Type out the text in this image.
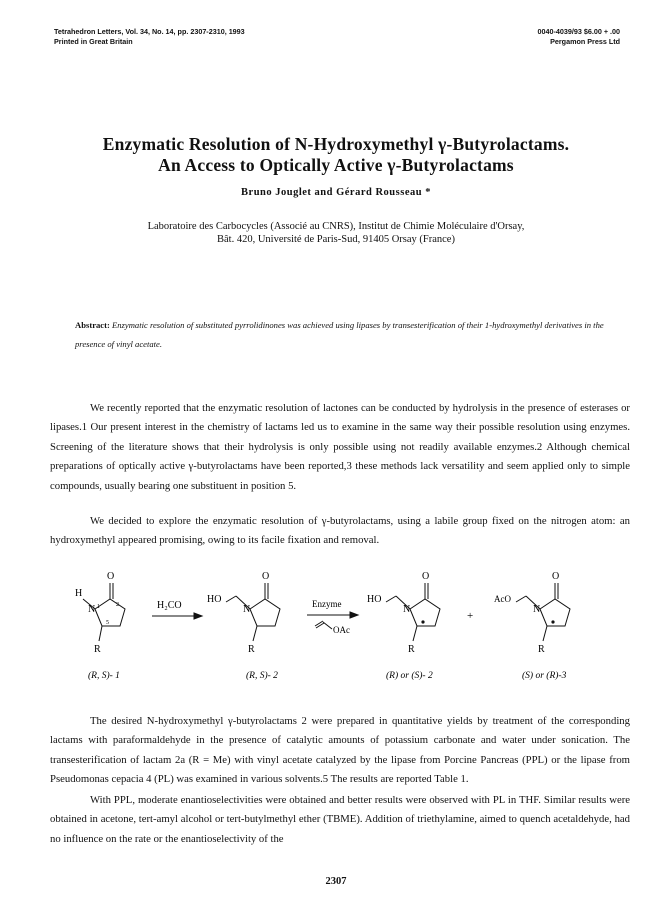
Tetrahedron Letters, Vol. 34, No. 14, pp. 2307-2310, 1993
Printed in Great Britain
0040-4039/93 $6.00 + .00
Pergamon Press Ltd
Enzymatic Resolution of N-Hydroxymethyl γ-Butyrolactams.
An Access to Optically Active γ-Butyrolactams
Bruno Jouglet and Gérard Rousseau *
Laboratoire des Carbocycles (Associé au CNRS), Institut de Chimie Moléculaire d'Orsay,
Bât. 420, Université de Paris-Sud, 91405 Orsay (France)
Abstract: Enzymatic resolution of substituted pyrrolidinones was achieved using lipases by transesterification of their 1-hydroxymethyl derivatives in the presence of vinyl acetate.

We recently reported that the enzymatic resolution of lactones can be conducted by hydrolysis in the presence of esterases or lipases.1 Our present interest in the chemistry of lactams led us to examine in the same way their possible resolution using enzymes. Screening of the literature shows that their hydrolysis is only possible using not readily available enzymes.2 Although chemical preparations of optically active γ-butyrolactams have been reported,3 these methods lack versatility and seem applied only to simple compounds, usually bearing one substituent in position 5.

We decided to explore the enzymatic resolution of γ-butyrolactams, using a labile group fixed on the nitrogen atom: an hydroxymethyl appeared promising, owing to its facile fixation and removal.

O
H
N 1	2
5
R
H₂CO
O
HO
N
R
Enzyme
OAc
O
HO
N
R
+
O
AcO
N
R
(R, S)- 1	(R, S)- 2	(R) or (S)- 2	(S) or (R)-3

The desired N-hydroxymethyl γ-butyrolactams 2 were prepared in quantitative yields by treatment of the corresponding lactams with paraformaldehyde in the presence of catalytic amounts of potassium carbonate and water under sonication. The transesterification of lactam 2a (R = Me) with vinyl acetate catalyzed by the lipase from Porcine Pancreas (PPL) or the lipase from Pseudomonas cepacia 4 (PL) was examined in various solvents.5 The results are reported Table 1.

With PPL, moderate enantioselectivities were obtained and better results were observed with PL in THF. Similar results were obtained in acetone, tert-amyl alcohol or tert-butylmethyl ether (TBME). Addition of triethylamine, aimed to quench acetaldehyde, had no influence on the rate or the enantioselectivity of the

2307
